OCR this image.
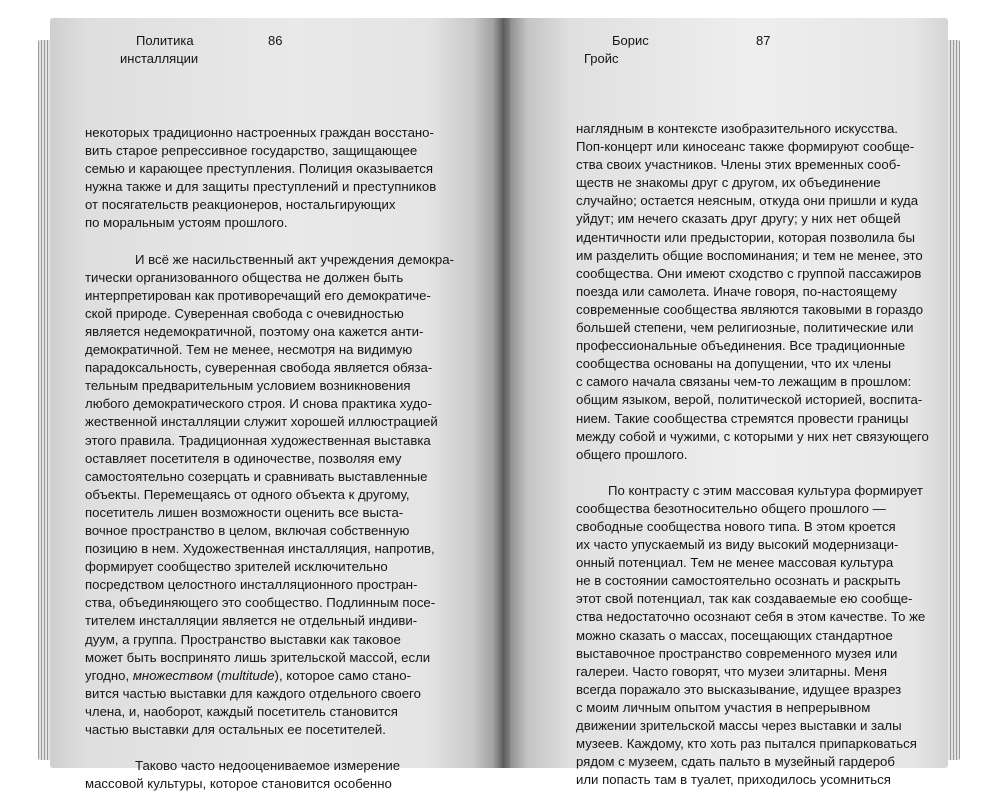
Политика
инсталляции
86
некоторых традиционно настроенных граждан восстано-
вить старое репрессивное государство, защищающее
семью и карающее преступления. Полиция оказывается
нужна также и для защиты преступлений и преступников
от посягательств реакционеров, ностальгирующих
по моральным устоям прошлого.
И всё же насильственный акт учреждения демокра-
тически организованного общества не должен быть
интерпретирован как противоречащий его демократиче-
ской природе. Суверенная свобода с очевидностью
является недемократичной, поэтому она кажется анти-
демократичной. Тем не менее, несмотря на видимую
парадоксальность, суверенная свобода является обяза-
тельным предварительным условием возникновения
любого демократического строя. И снова практика худо-
жественной инсталляции служит хорошей иллюстрацией
этого правила. Традиционная художественная выставка
оставляет посетителя в одиночестве, позволяя ему
самостоятельно созерцать и сравнивать выставленные
объекты. Перемещаясь от одного объекта к другому,
посетитель лишен возможности оценить все выста-
вочное пространство в целом, включая собственную
позицию в нем. Художественная инсталляция, напротив,
формирует сообщество зрителей исключительно
посредством целостного инсталляционного простран-
ства, объединяющего это сообщество. Подлинным посе-
тителем инсталляции является не отдельный индиви-
дуум, а группа. Пространство выставки как таковое
может быть воспринято лишь зрительской массой, если
угодно, множеством (multitude), которое само стано-
вится частью выставки для каждого отдельного своего
члена, и, наоборот, каждый посетитель становится
частью выставки для остальных ее посетителей.
Таково часто недооцениваемое измерение
массовой культуры, которое становится особенно
Борис
Гройс
87
наглядным в контексте изобразительного искусства.
Поп-концерт или киносеанс также формируют сообще-
ства своих участников. Члены этих временных сооб-
ществ не знакомы друг с другом, их объединение
случайно; остается неясным, откуда они пришли и куда
уйдут; им нечего сказать друг другу; у них нет общей
идентичности или предыстории, которая позволила бы
им разделить общие воспоминания; и тем не менее, это
сообщества. Они имеют сходство с группой пассажиров
поезда или самолета. Иначе говоря, по-настоящему
современные сообщества являются таковыми в гораздо
большей степени, чем религиозные, политические или
профессиональные объединения. Все традиционные
сообщества основаны на допущении, что их члены
с самого начала связаны чем-то лежащим в прошлом:
общим языком, верой, политической историей, воспита-
нием. Такие сообщества стремятся провести границы
между собой и чужими, с которыми у них нет связующего
общего прошлого.
По контрасту с этим массовая культура формирует
сообщества безотносительно общего прошлого —
свободные сообщества нового типа. В этом кроется
их часто упускаемый из виду высокий модернизаци-
онный потенциал. Тем не менее массовая культура
не в состоянии самостоятельно осознать и раскрыть
этот свой потенциал, так как создаваемые ею сообще-
ства недостаточно осознают себя в этом качестве. То же
можно сказать о массах, посещающих стандартное
выставочное пространство современного музея или
галереи. Часто говорят, что музеи элитарны. Меня
всегда поражало это высказывание, идущее вразрез
с моим личным опытом участия в непрерывном
движении зрительской массы через выставки и залы
музеев. Каждому, кто хоть раз пытался припарковаться
рядом с музеем, сдать пальто в музейный гардероб
или попасть там в туалет, приходилось усомниться
